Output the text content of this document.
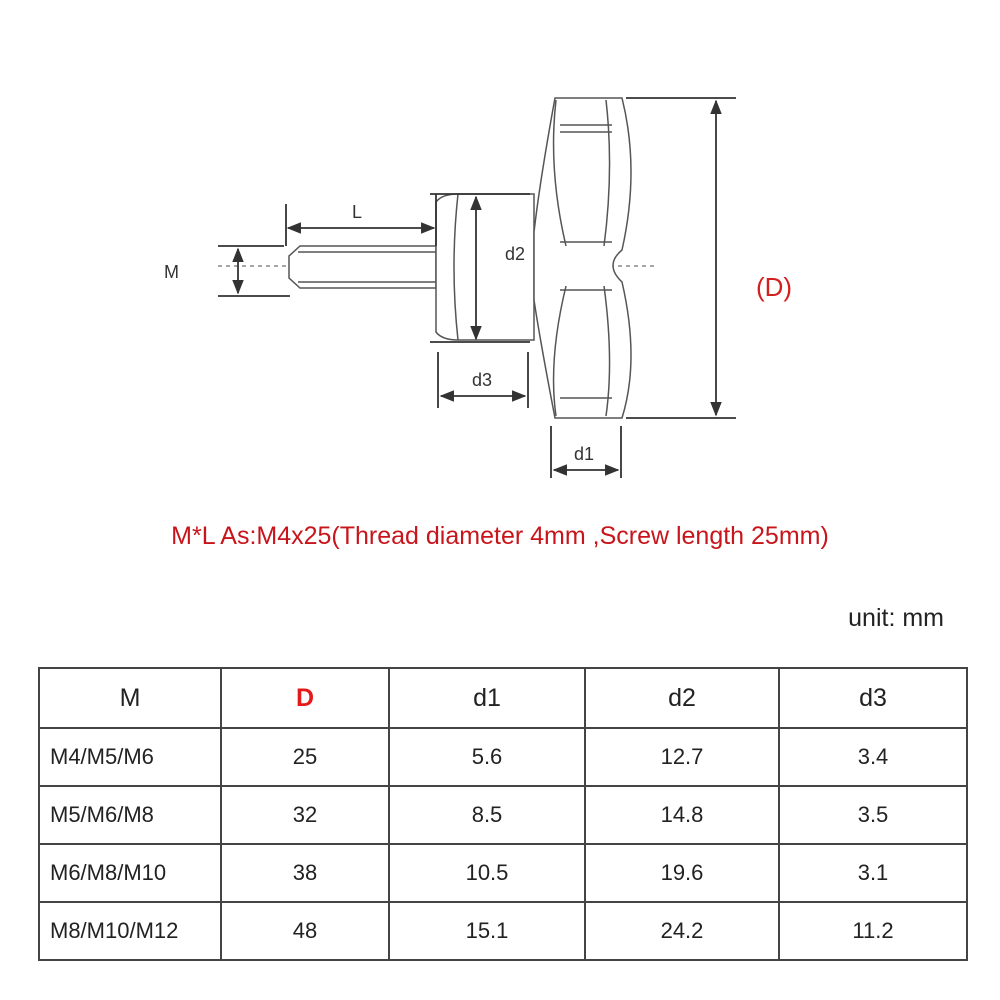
L
M
d2
d3
d1
(D)
M*L As:M4x25(Thread diameter 4mm ,Screw length 25mm)
unit: mm
M	D	d1	d2	d3
M4/M5/M6	25	5.6	12.7	3.4
M5/M6/M8	32	8.5	14.8	3.5
M6/M8/M10	38	10.5	19.6	3.1
M8/M10/M12	48	15.1	24.2	11.2
